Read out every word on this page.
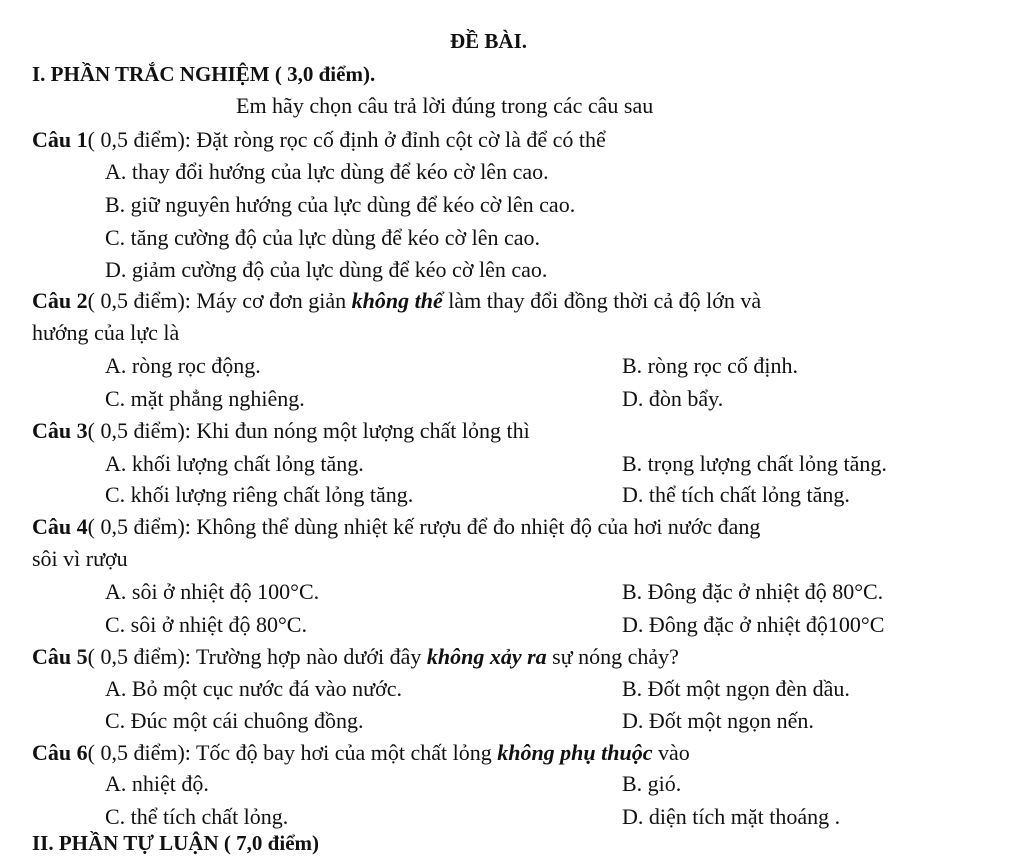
ĐỀ BÀI.
I. PHẦN TRẮC NGHIỆM ( 3,0 điểm).
Em hãy chọn câu trả lời đúng trong các câu sau
Câu 1( 0,5 điểm): Đặt ròng rọc cố định ở đỉnh cột cờ là để có thể
A. thay đổi hướng của lực dùng để kéo cờ lên cao.
B. giữ nguyên hướng của lực dùng để kéo cờ lên cao.
C. tăng cường độ của lực dùng để kéo cờ lên cao.
D. giảm cường độ của lực dùng để kéo cờ lên cao.
Câu 2( 0,5 điểm): Máy cơ đơn giản không thể làm thay đổi đồng thời cả độ lớn và
hướng của lực là
A. ròng rọc động.	B. ròng rọc cố định.
C. mặt phẳng nghiêng.	D. đòn bẩy.
Câu 3( 0,5 điểm): Khi đun nóng một lượng chất lỏng thì
A. khối lượng chất lỏng tăng.	B. trọng lượng chất lỏng tăng.
C. khối lượng riêng chất lỏng tăng.	D. thể tích chất lỏng tăng.
Câu 4( 0,5 điểm): Không thể dùng nhiệt kế rượu để đo nhiệt độ của hơi nước đang
sôi vì rượu
A. sôi ở nhiệt độ 100°C.	B. Đông đặc ở nhiệt độ 80°C.
C. sôi ở nhiệt độ 80°C.	D. Đông đặc ở nhiệt độ100°C
Câu 5( 0,5 điểm): Trường hợp nào dưới đây không xảy ra sự nóng chảy?
A. Bỏ một cục nước đá vào nước.	B. Đốt một ngọn đèn dầu.
C. Đúc một cái chuông đồng.	D. Đốt một ngọn nến.
Câu 6( 0,5 điểm): Tốc độ bay hơi của một chất lỏng không phụ thuộc vào
A. nhiệt độ.	B. gió.
C. thể tích chất lỏng.	D. diện tích mặt thoáng .
II. PHẦN TỰ LUẬN ( 7,0 điểm)
